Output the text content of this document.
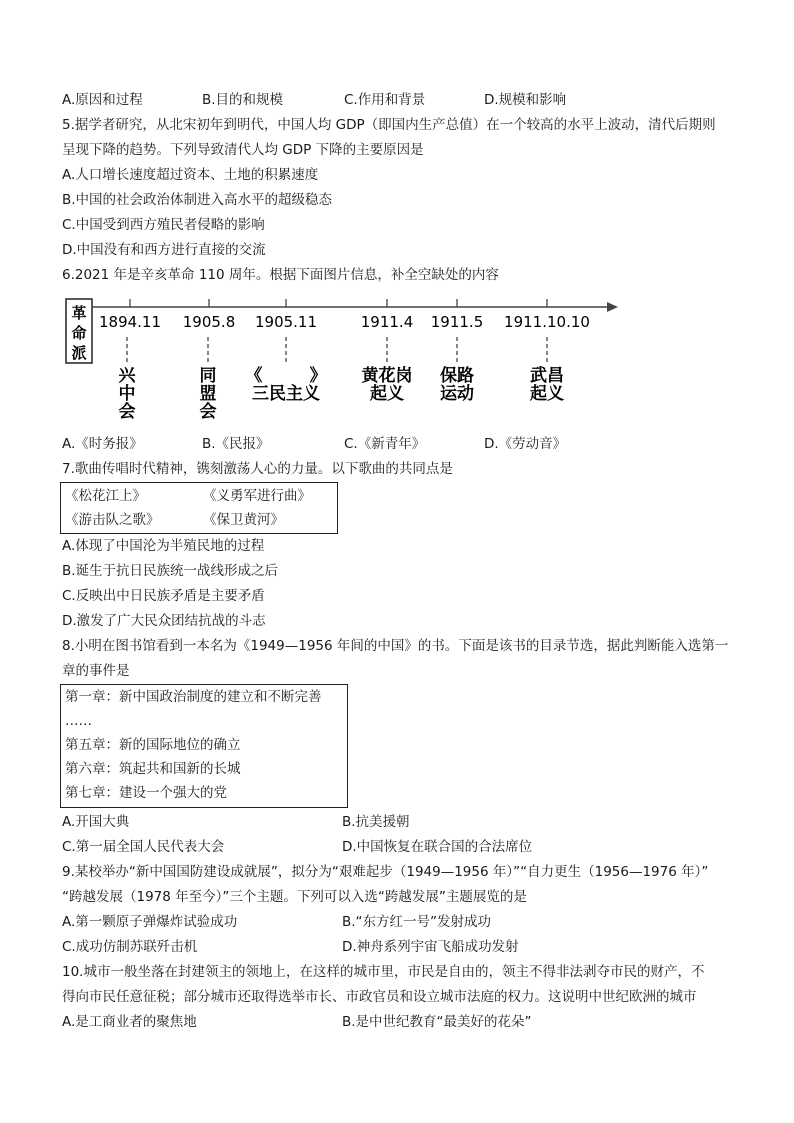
A.原因和过程	B.目的和规模	C.作用和背景	D.规模和影响
5.据学者研究，从北宋初年到明代，中国人均 GDP（即国内生产总值）在一个较高的水平上波动，清代后期则
呈现下降的趋势。下列导致清代人均 GDP 下降的主要原因是
A.人口增长速度超过资本、土地的积累速度
B.中国的社会政治体制进入高水平的超级稳态
C.中国受到西方殖民者侵略的影响
D.中国没有和西方进行直接的交流
6.2021 年是辛亥革命 110 周年。根据下面图片信息，补全空缺处的内容
革
命
派
1894.11 1905.8 1905.11	1911.4 1911.5 1911.10.10
兴
中
会
同
盟
会
《        》
三民主义
黄花岗
起义
保路
运动
武昌
起义
A.《时务报》	B.《民报》	C.《新青年》	D.《劳动音》
7.歌曲传唱时代精神，镌刻激荡人心的力量。以下歌曲的共同点是
《松花江上》	《义勇军进行曲》
《游击队之歌》	《保卫黄河》
A.体现了中国沦为半殖民地的过程
B.诞生于抗日民族统一战线形成之后
C.反映出中日民族矛盾是主要矛盾
D.激发了广大民众团结抗战的斗志
8.小明在图书馆看到一本名为《1949—1956 年间的中国》的书。下面是该书的目录节选，据此判断能入选第一
章的事件是
第一章：新中国政治制度的建立和不断完善
……
第五章：新的国际地位的确立
第六章：筑起共和国新的长城
第七章：建设一个强大的党
A.开国大典	B.抗美援朝
C.第一届全国人民代表大会	D.中国恢复在联合国的合法席位
9.某校举办“新中国国防建设成就展”，拟分为“艰难起步（1949—1956 年）”“自力更生（1956—1976 年）”
“跨越发展（1978 年至今）”三个主题。下列可以入选“跨越发展”主题展览的是
A.第一颗原子弹爆炸试验成功	B.“东方红一号”发射成功
C.成功仿制苏联歼击机	D.神舟系列宇宙飞船成功发射
10.城市一般坐落在封建领主的领地上，在这样的城市里，市民是自由的，领主不得非法剥夺市民的财产，不
得向市民任意征税；部分城市还取得选举市长、市政官员和设立城市法庭的权力。这说明中世纪欧洲的城市
A.是工商业者的聚焦地	B.是中世纪教育“最美好的花朵”
